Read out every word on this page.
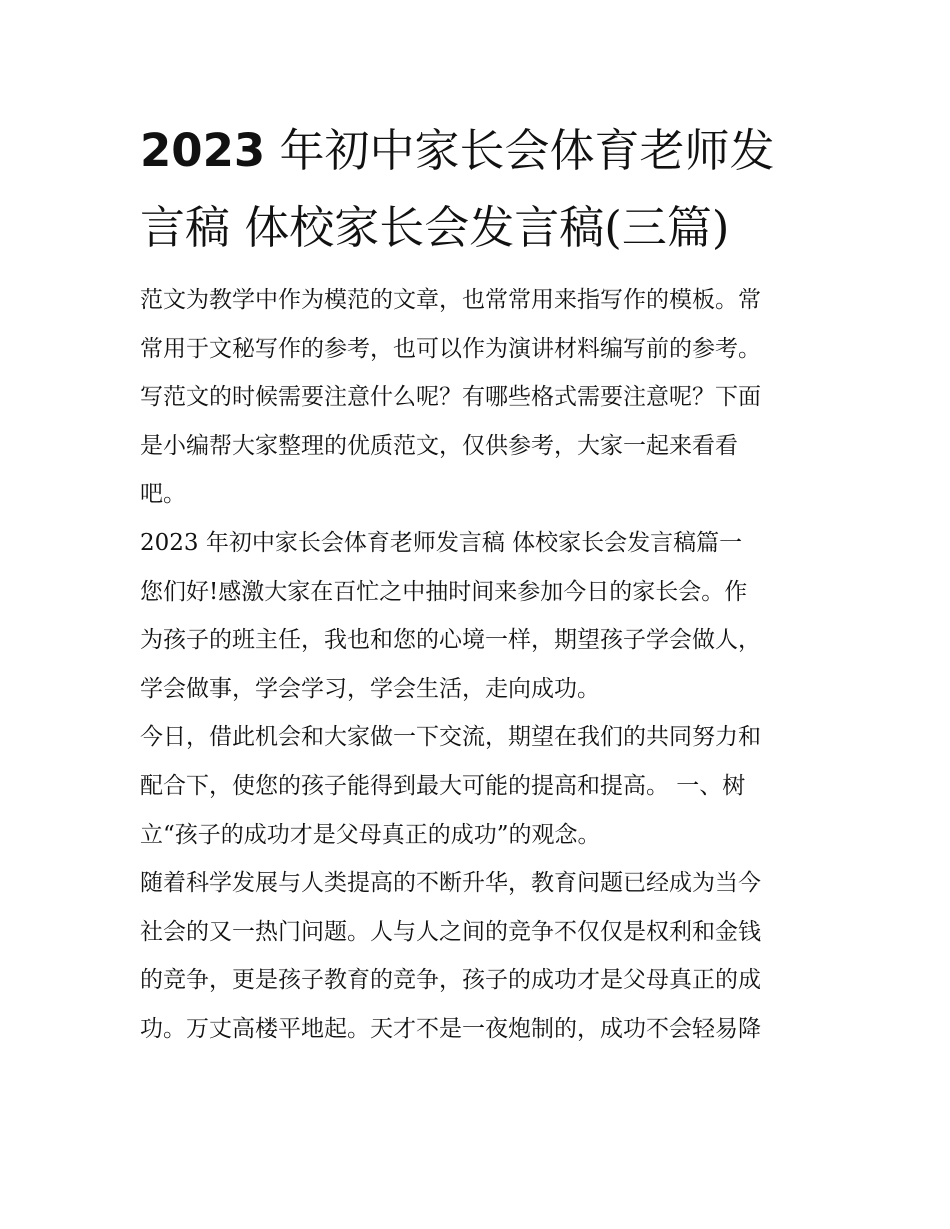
2023 年初中家长会体育老师发
言稿 体校家长会发言稿(三篇)
范文为教学中作为模范的文章，也常常用来指写作的模板。常
常用于文秘写作的参考，也可以作为演讲材料编写前的参考。
写范文的时候需要注意什么呢？有哪些格式需要注意呢？下面
是小编帮大家整理的优质范文，仅供参考，大家一起来看看
吧。
2023 年初中家长会体育老师发言稿 体校家长会发言稿篇一
您们好!感激大家在百忙之中抽时间来参加今日的家长会。作
为孩子的班主任，我也和您的心境一样，期望孩子学会做人，
学会做事，学会学习，学会生活，走向成功。
今日，借此机会和大家做一下交流，期望在我们的共同努力和
配合下，使您的孩子能得到最大可能的提高和提高。 一、树
立“孩子的成功才是父母真正的成功”的观念。
随着科学发展与人类提高的不断升华，教育问题已经成为当今
社会的又一热门问题。人与人之间的竞争不仅仅是权利和金钱
的竞争，更是孩子教育的竞争，孩子的成功才是父母真正的成
功。万丈高楼平地起。天才不是一夜炮制的，成功不会轻易降
